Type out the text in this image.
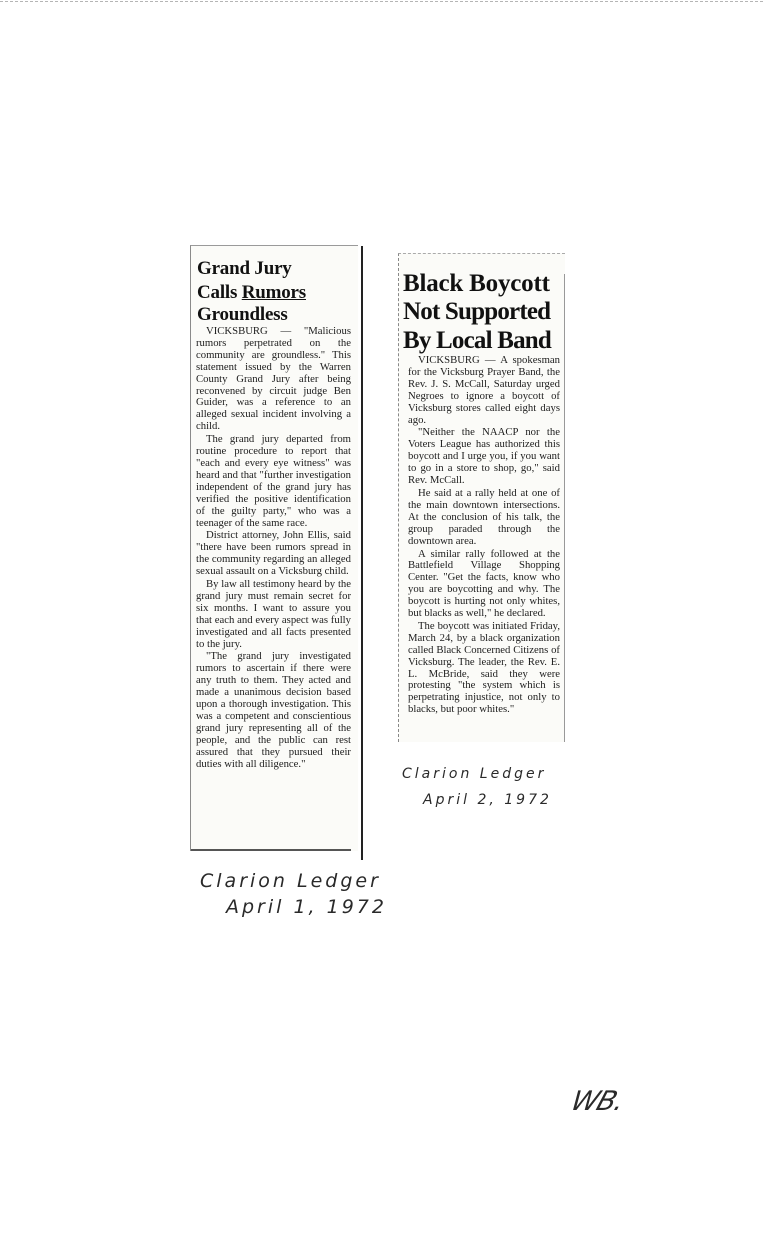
Grand Jury
Calls Rumors
Groundless

VICKSBURG — "Malicious rumors perpetrated on the community are groundless." This statement issued by the Warren County Grand Jury after being reconvened by circuit judge Ben Guider, was a reference to an alleged sexual incident involving a child.

The grand jury departed from routine procedure to report that "each and every eye witness" was heard and that "further investigation independent of the grand jury has verified the positive identification of the guilty party," who was a teenager of the same race.

District attorney, John Ellis, said "there have been rumors spread in the community regarding an alleged sexual assault on a Vicksburg child.

By law all testimony heard by the grand jury must remain secret for six months. I want to assure you that each and every aspect was fully investigated and all facts presented to the jury.

"The grand jury investigated rumors to ascertain if there were any truth to them. They acted and made a unanimous decision based upon a thorough investigation. This was a competent and conscientious grand jury representing all of the people, and the public can rest assured that they pursued their duties with all diligence."

Black Boycott
Not Supported
By Local Band

VICKSBURG — A spokesman for the Vicksburg Prayer Band, the Rev. J. S. McCall, Saturday urged Negroes to ignore a boycott of Vicksburg stores called eight days ago.

"Neither the NAACP nor the Voters League has authorized this boycott and I urge you, if you want to go in a store to shop, go," said Rev. McCall.

He said at a rally held at one of the main downtown intersections. At the conclusion of his talk, the group paraded through the downtown area.

A similar rally followed at the Battlefield Village Shopping Center. "Get the facts, know who you are boycotting and why. The boycott is hurting not only whites, but blacks as well," he declared.

The boycott was initiated Friday, March 24, by a black organization called Black Concerned Citizens of Vicksburg. The leader, the Rev. E. L. McBride, said they were protesting "the system which is perpetrating injustice, not only to blacks, but poor whites."

Clarion Ledger
April 1, 1972
Clarion Ledger
April 2, 1972
WB.
